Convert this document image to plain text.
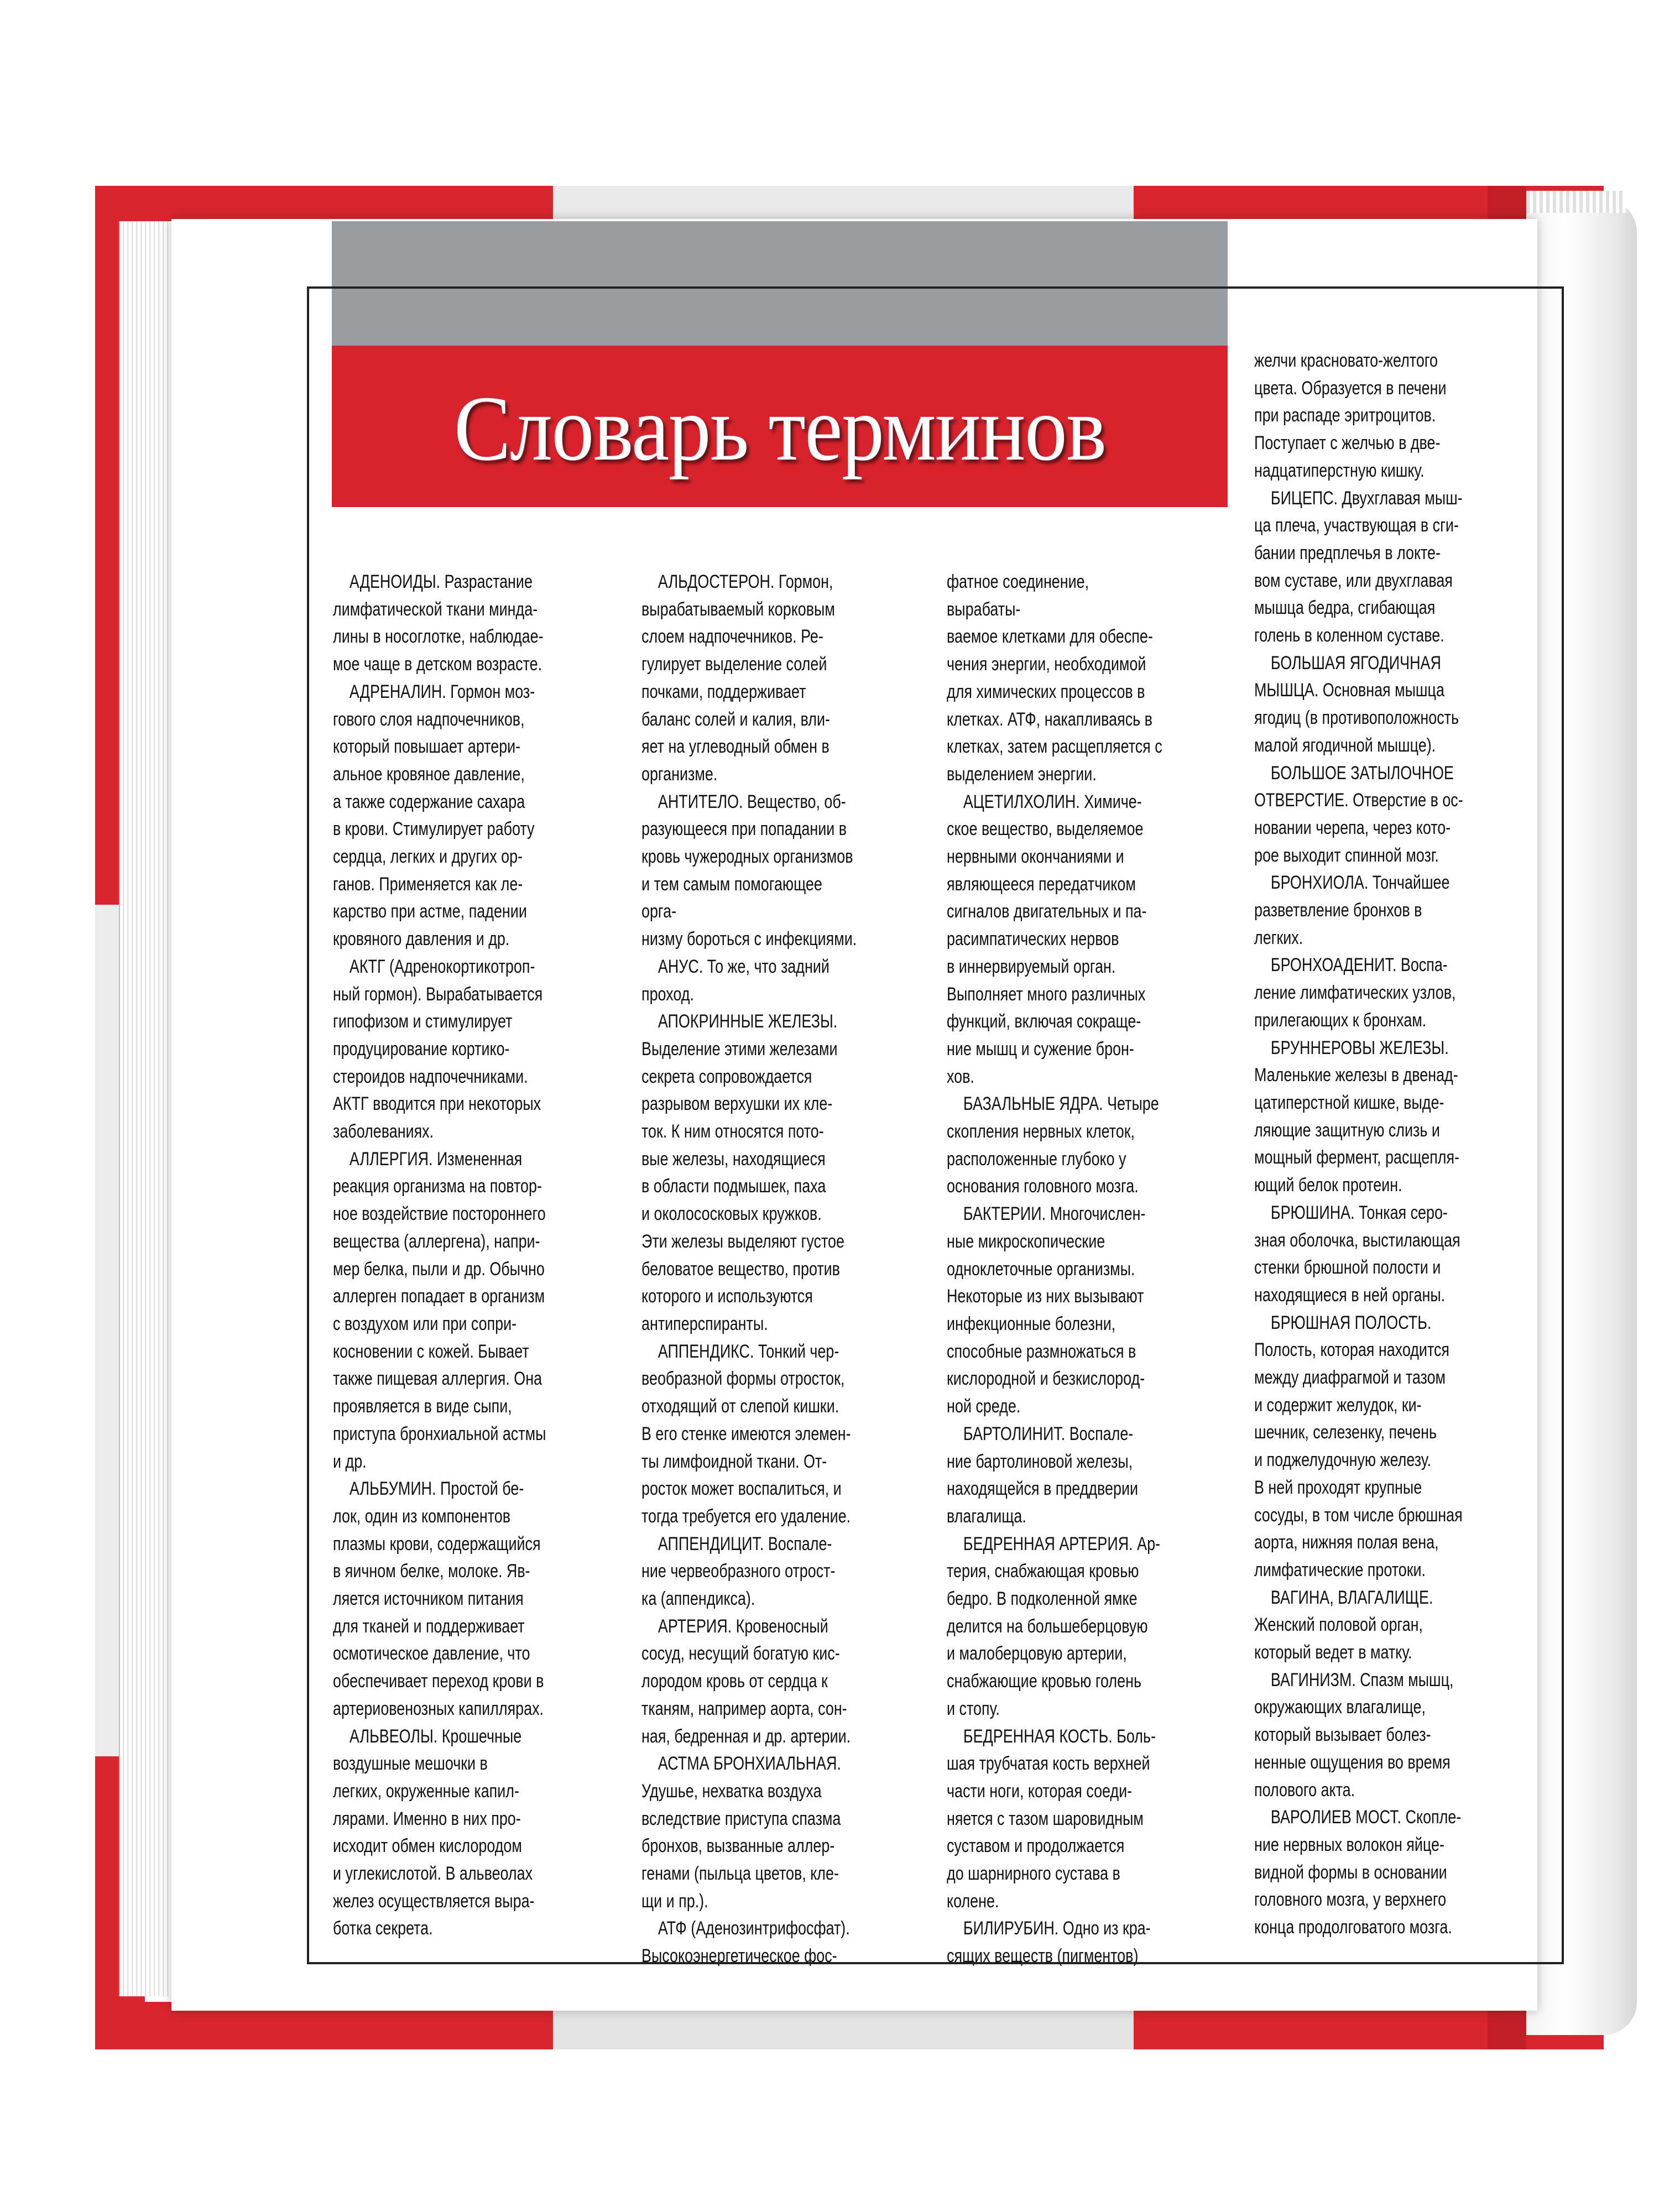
Словарь терминов
АДЕНОИДЫ. Разрастание
лимфатической ткани минда-
лины в носоглотке, наблюдае-
мое чаще в детском возрасте.
АДРЕНАЛИН. Гормон моз-
гового слоя надпочечников,
который повышает артери-
альное кровяное давление,
а также содержание сахара
в крови. Стимулирует работу
сердца, легких и других ор-
ганов. Применяется как ле-
карство при астме, падении
кровяного давления и др.
АКТГ (Адренокортикотроп-
ный гормон). Вырабатывается
гипофизом и стимулирует
продуцирование кортико-
стероидов надпочечниками.
АКТГ вводится при некоторых
заболеваниях.
АЛЛЕРГИЯ. Измененная
реакция организма на повтор-
ное воздействие постороннего
вещества (аллергена), напри-
мер белка, пыли и др. Обычно
аллерген попадает в организм
с воздухом или при сопри-
косновении с кожей. Бывает
также пищевая аллергия. Она
проявляется в виде сыпи,
приступа бронхиальной астмы
и др.
АЛЬБУМИН. Простой бе-
лок, один из компонентов
плазмы крови, содержащийся
в яичном белке, молоке. Яв-
ляется источником питания
для тканей и поддерживает
осмотическое давление, что
обеспечивает переход крови в
артериовенозных капиллярах.
АЛЬВЕОЛЫ. Крошечные
воздушные мешочки в
легких, окруженные капил-
лярами. Именно в них про-
исходит обмен кислородом
и углекислотой. В альвеолах
желез осуществляется выра-
ботка секрета.
АЛЬДОСТЕРОН. Гормон,
вырабатываемый корковым
слоем надпочечников. Ре-
гулирует выделение солей
почками, поддерживает
баланс солей и калия, вли-
яет на углеводный обмен в
организме.
АНТИТЕЛО. Вещество, об-
разующееся при попадании в
кровь чужеродных организмов
и тем самым помогающее орга-
низму бороться с инфекциями.
АНУС. То же, что задний
проход.
АПОКРИННЫЕ ЖЕЛЕЗЫ.
Выделение этими железами
секрета сопровождается
разрывом верхушки их кле-
ток. К ним относятся пото-
вые железы, находящиеся
в области подмышек, паха
и околососковых кружков.
Эти железы выделяют густое
беловатое вещество, против
которого и используются
антиперспиранты.
АППЕНДИКС. Тонкий чер-
веобразной формы отросток,
отходящий от слепой кишки.
В его стенке имеются элемен-
ты лимфоидной ткани. От-
росток может воспалиться, и
тогда требуется его удаление.
АППЕНДИЦИТ. Воспале-
ние червеобразного отрост-
ка (аппендикса).
АРТЕРИЯ. Кровеносный
сосуд, несущий богатую кис-
лородом кровь от сердца к
тканям, например аорта, сон-
ная, бедренная и др. артерии.
АСТМА БРОНХИАЛЬНАЯ.
Удушье, нехватка воздуха
вследствие приступа спазма
бронхов, вызванные аллер-
генами (пыльца цветов, кле-
щи и пр.).
АТФ (Аденозинтрифосфат).
Высокоэнергетическое фос-
фатное соединение, вырабаты-
ваемое клетками для обеспе-
чения энергии, необходимой
для химических процессов в
клетках. АТФ, накапливаясь в
клетках, затем расщепляется с
выделением энергии.
АЦЕТИЛХОЛИН. Химиче-
ское вещество, выделяемое
нервными окончаниями и
являющееся передатчиком
сигналов двигательных и па-
расимпатических нервов
в иннервируемый орган.
Выполняет много различных
функций, включая сокраще-
ние мышц и сужение брон-
хов.
БАЗАЛЬНЫЕ ЯДРА. Четыре
скопления нервных клеток,
расположенные глубоко у
основания головного мозга.
БАКТЕРИИ. Многочислен-
ные микроскопические
одноклеточные организмы.
Некоторые из них вызывают
инфекционные болезни,
способные размножаться в
кислородной и безкислород-
ной среде.
БАРТОЛИНИТ. Воспале-
ние бартолиновой железы,
находящейся в преддверии
влагалища.
БЕДРЕННАЯ АРТЕРИЯ. Ар-
терия, снабжающая кровью
бедро. В подколенной ямке
делится на большеберцовую
и малоберцовую артерии,
снабжающие кровью голень
и стопу.
БЕДРЕННАЯ КОСТЬ. Боль-
шая трубчатая кость верхней
части ноги, которая соеди-
няется с тазом шаровидным
суставом и продолжается
до шарнирного сустава в
колене.
БИЛИРУБИН. Одно из кра-
сящих веществ (пигментов)
желчи красновато-желтого
цвета. Образуется в печени
при распаде эритроцитов.
Поступает с желчью в две-
надцатиперстную кишку.
БИЦЕПС. Двухглавая мыш-
ца плеча, участвующая в сги-
бании предплечья в локте-
вом суставе, или двухглавая
мышца бедра, сгибающая
голень в коленном суставе.
БОЛЬШАЯ ЯГОДИЧНАЯ
МЫШЦА. Основная мышца
ягодиц (в противоположность
малой ягодичной мышце).
БОЛЬШОЕ ЗАТЫЛОЧНОЕ
ОТВЕРСТИЕ. Отверстие в ос-
новании черепа, через кото-
рое выходит спинной мозг.
БРОНХИОЛА. Тончайшее
разветвление бронхов в
легких.
БРОНХОАДЕНИТ. Воспа-
ление лимфатических узлов,
прилегающих к бронхам.
БРУННЕРОВЫ ЖЕЛЕЗЫ.
Маленькие железы в двенад-
цатиперстной кишке, выде-
ляющие защитную слизь и
мощный фермент, расщепля-
ющий белок протеин.
БРЮШИНА. Тонкая серо-
зная оболочка, выстилающая
стенки брюшной полости и
находящиеся в ней органы.
БРЮШНАЯ ПОЛОСТЬ.
Полость, которая находится
между диафрагмой и тазом
и содержит желудок, ки-
шечник, селезенку, печень
и поджелудочную железу.
В ней проходят крупные
сосуды, в том числе брюшная
аорта, нижняя полая вена,
лимфатические протоки.
ВАГИНА, ВЛАГАЛИЩЕ.
Женский половой орган,
который ведет в матку.
ВАГИНИЗМ. Спазм мышц,
окружающих влагалище,
который вызывает болез-
ненные ощущения во время
полового акта.
ВАРОЛИЕВ МОСТ. Скопле-
ние нервных волокон яйце-
видной формы в основании
головного мозга, у верхнего
конца продолговатого мозга.
